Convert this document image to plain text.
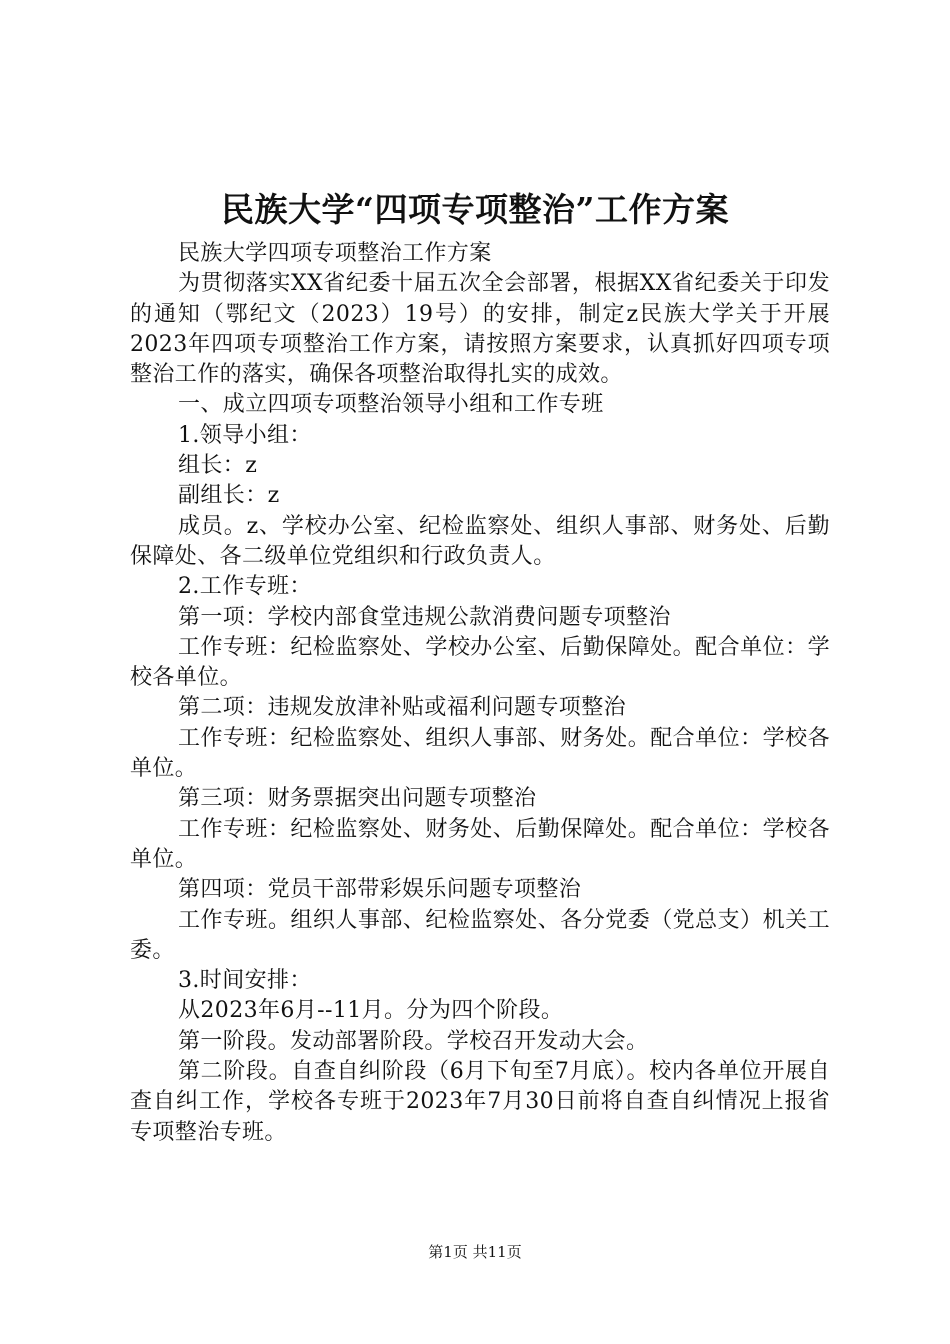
民族大学“四项专项整治”工作方案

民族大学四项专项整治工作方案

为贯彻落实XX省纪委十届五次全会部署，根据XX省纪委关于印发的通知（鄂纪文（2023）19号）的安排，制定z民族大学关于开展2023年四项专项整治工作方案，请按照方案要求，认真抓好四项专项整治工作的落实，确保各项整治取得扎实的成效。

一、成立四项专项整治领导小组和工作专班

1.领导小组：

组长：z

副组长：z

成员。z、学校办公室、纪检监察处、组织人事部、财务处、后勤保障处、各二级单位党组织和行政负责人。

2.工作专班：

第一项：学校内部食堂违规公款消费问题专项整治

工作专班：纪检监察处、学校办公室、后勤保障处。配合单位：学校各单位。

第二项：违规发放津补贴或福利问题专项整治

工作专班：纪检监察处、组织人事部、财务处。配合单位：学校各单位。

第三项：财务票据突出问题专项整治

工作专班：纪检监察处、财务处、后勤保障处。配合单位：学校各单位。

第四项：党员干部带彩娱乐问题专项整治

工作专班。组织人事部、纪检监察处、各分党委（党总支）机关工委。

3.时间安排：

从2023年6月--11月。分为四个阶段。

第一阶段。发动部署阶段。学校召开发动大会。

第二阶段。自查自纠阶段（6月下旬至7月底）。校内各单位开展自查自纠工作，学校各专班于2023年7月30日前将自查自纠情况上报省专项整治专班。

第1页 共11页
